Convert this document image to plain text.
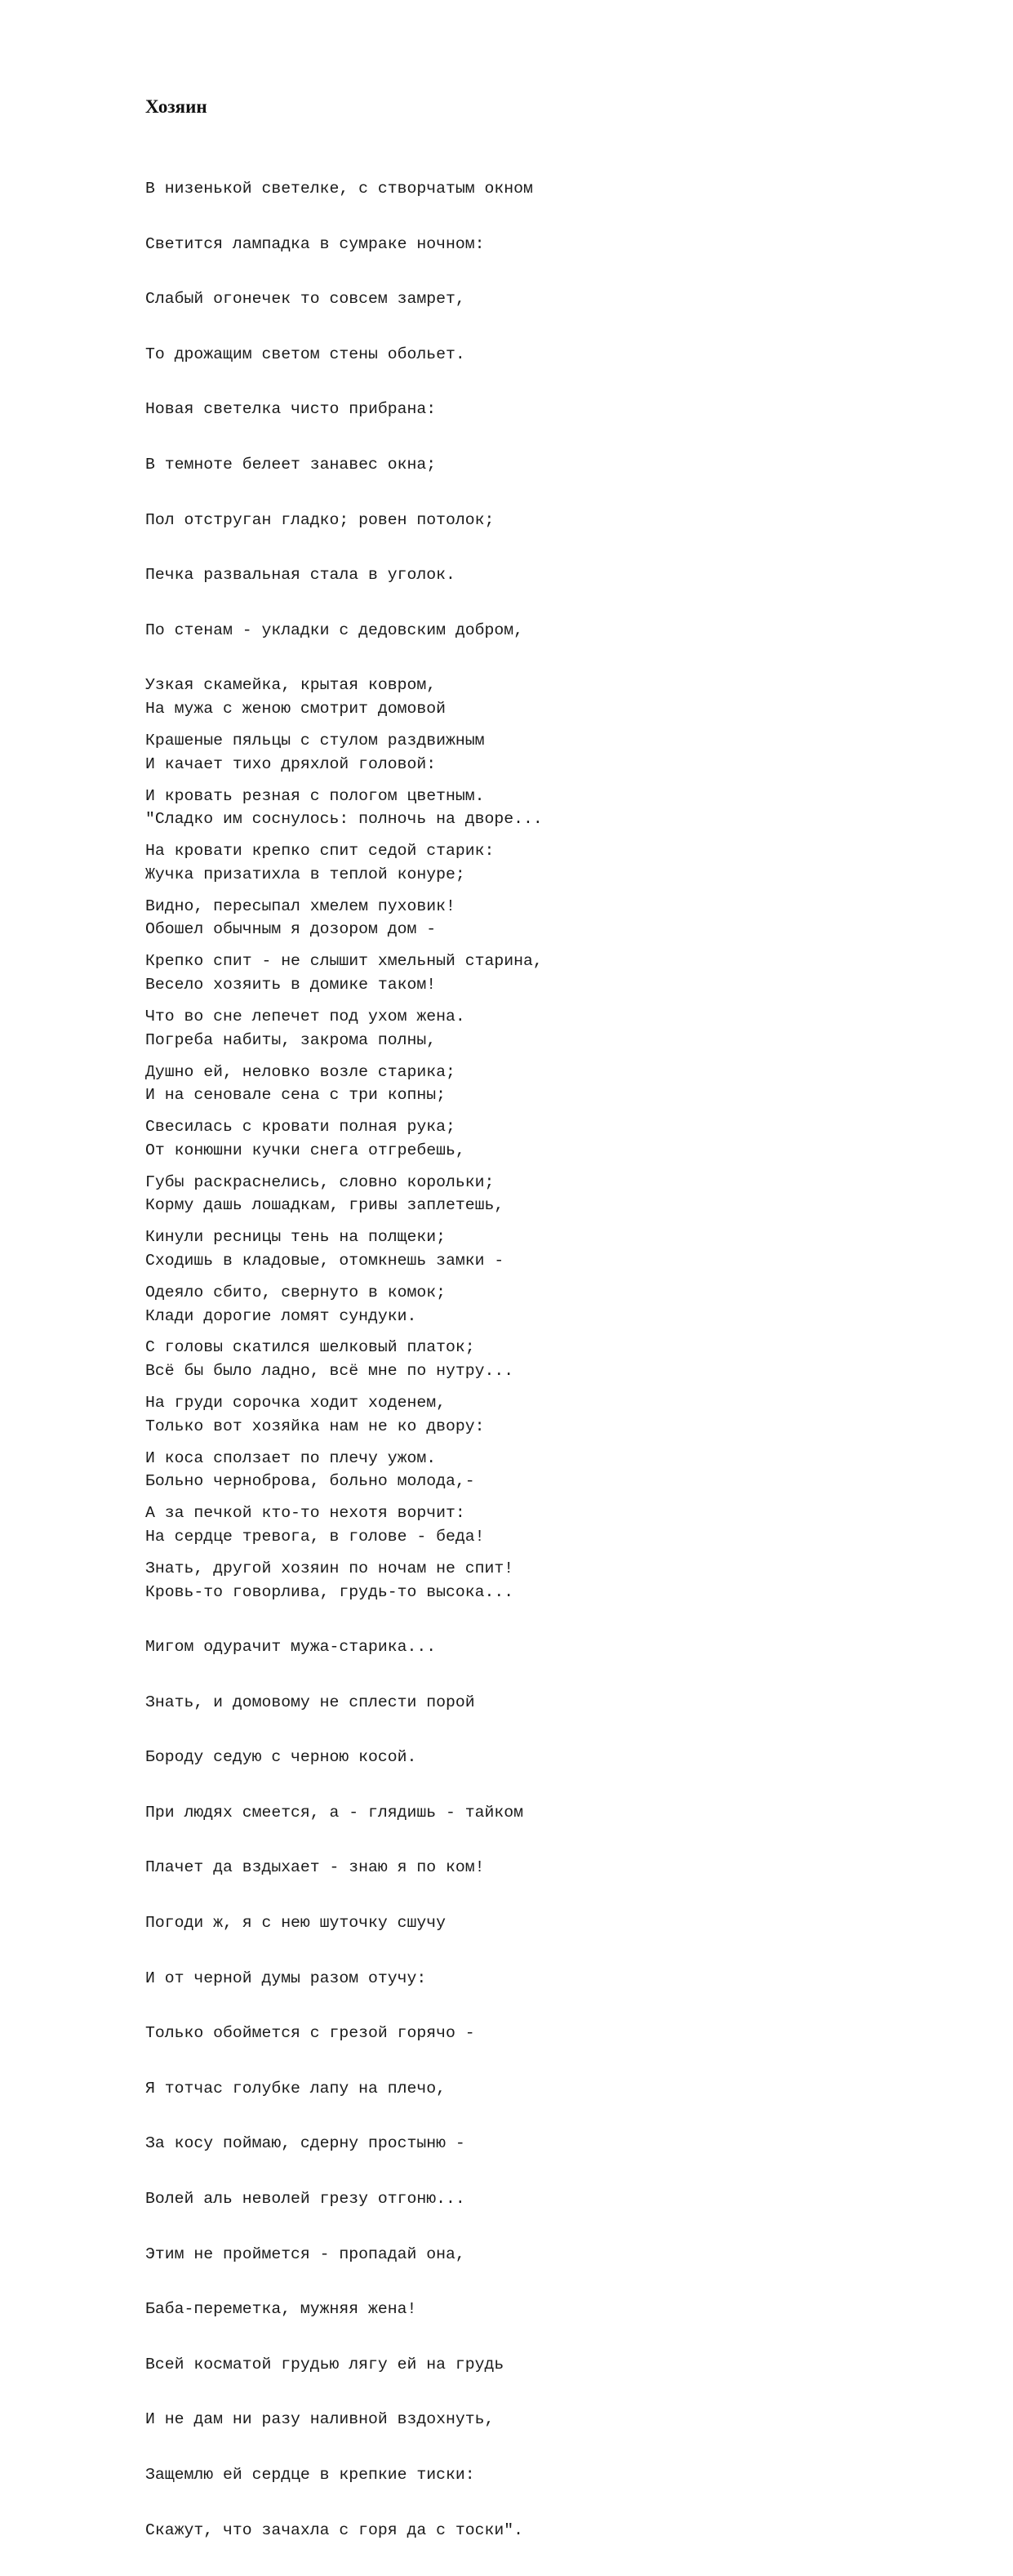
Хозяин

В низенькой светелке, с створчатым окном

Светится лампадка в сумраке ночном:

Слабый огонечек то совсем замрет,

То дрожащим светом стены обольет.

Новая светелка чисто прибрана:

В темноте белеет занавес окна;

Пол отструган гладко; ровен потолок;

Печка развальная стала в уголок.

По стенам - укладки с дедовским добром,

Узкая скамейка, крытая ковром,

Крашеные пяльцы с стулом раздвижным

И кровать резная с пологом цветным.

На кровати крепко спит седой старик:

Видно, пересыпал хмелем пуховик!

Крепко спит - не слышит хмельный старина,

Что во сне лепечет под ухом жена.

Душно ей, неловко возле старика;

Свесилась с кровати полная рука;

Губы раскраснелись, словно корольки;

Кинули ресницы тень на полщеки;

Одеяло сбито, свернуто в комок;

С головы скатился шелковый платок;

На груди сорочка ходит ходенем,

И коса сползает по плечу ужом.

А за печкой кто-то нехотя ворчит:

Знать, другой хозяин по ночам не спит!

На мужа с женою смотрит домовой

И качает тихо дряхлой головой:

"Сладко им соснулось: полночь на дворе...

Жучка призатихла в теплой конуре;

Обошел обычным я дозором дом -

Весело хозяить в домике таком!

Погреба набиты, закрома полны,

И на сеновале сена с три копны;

От конюшни кучки снега отгребешь,

Корму дашь лошадкам, гривы заплетешь,

Сходишь в кладовые, отомкнешь замки -

Клади дорогие ломят сундуки.

Всё бы было ладно, всё мне по нутру...

Только вот хозяйка нам не ко двору:

Больно черноброва, больно молода,-

На сердце тревога, в голове - беда!

Кровь-то говорлива, грудь-то высока...

Мигом одурачит мужа-старика...

Знать, и домовому не сплести порой

Бороду седую с черною косой.

При людях смеется, а - глядишь - тайком

Плачет да вздыхает - знаю я по ком!

Погоди ж, я с нею шуточку сшучу

И от черной думы разом отучу:

Только обоймется с грезой горячо -

Я тотчас голубке лапу на плечо,

За косу поймаю, сдерну простыню -

Волей аль неволей грезу отгоню...

Этим не проймется - пропадай она,

Баба-переметка, мужняя жена!

Всей косматой грудью лягу ей на грудь

И не дам ни разу наливной вздохнуть,

Защемлю ей сердце в крепкие тиски:

Скажут, что зачахла с горя да с тоски".
